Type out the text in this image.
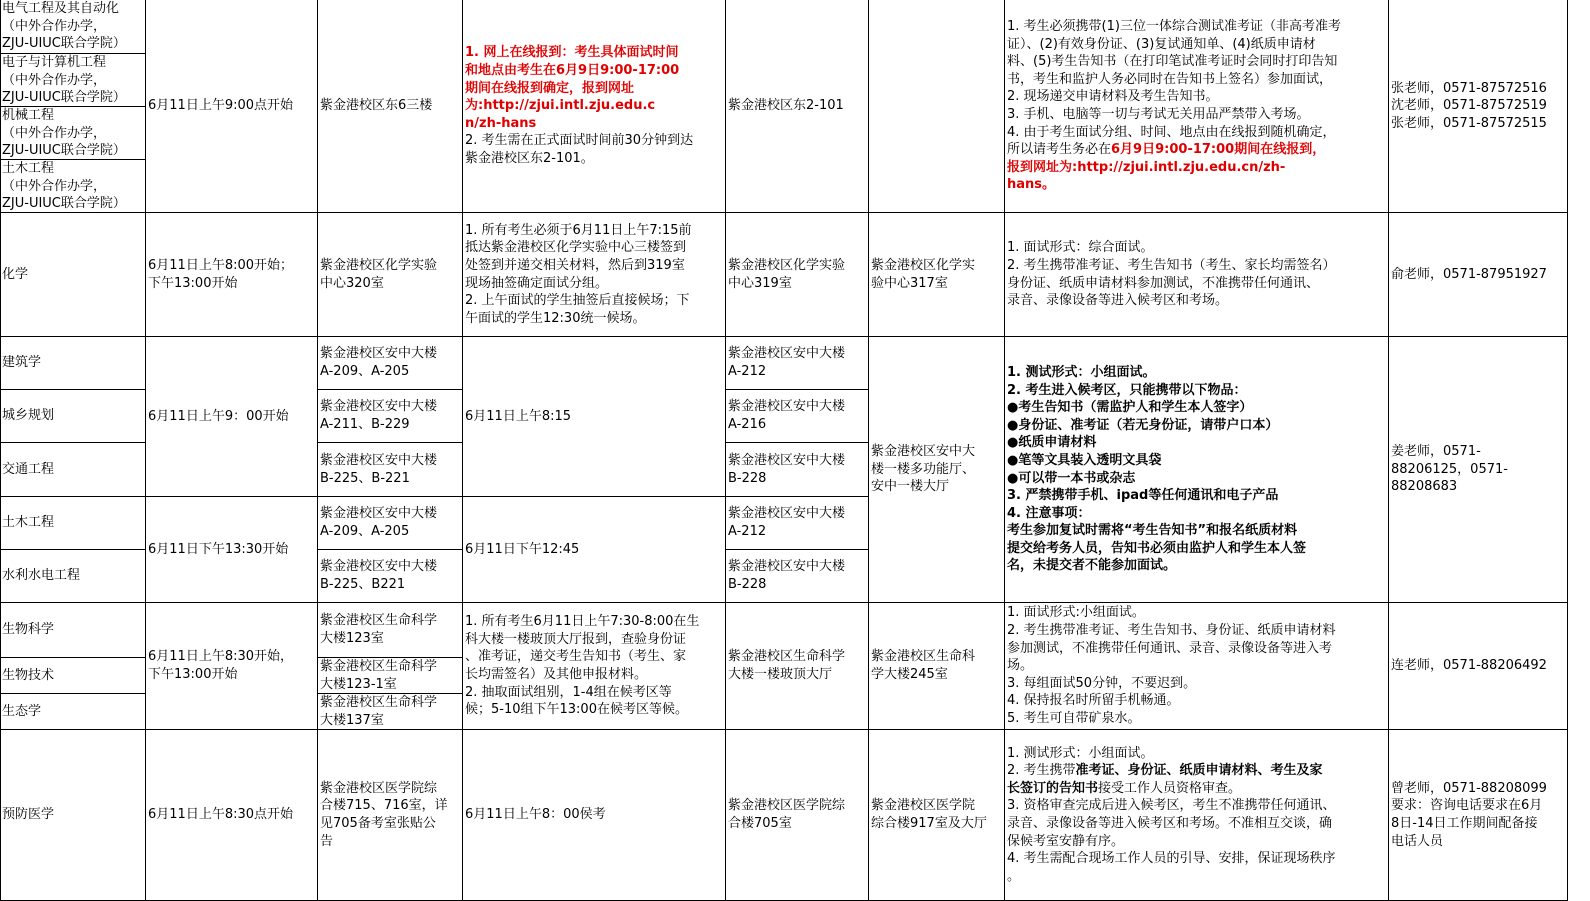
电气工程及其自动化
（中外合作办学，
ZJU-UIUC联合学院）
电子与计算机工程
（中外合作办学，
ZJU-UIUC联合学院）
机械工程
（中外合作办学，
ZJU-UIUC联合学院）
土木工程
（中外合作办学，
ZJU-UIUC联合学院）
6月11日上午9:00点开始	紫金港校区东6三楼
1. 网上在线报到：考生具体面试时间
和地点由考生在6月9日9:00-17:00
期间在线报到确定，报到网址
为:http://zjui.intl.zju.edu.c
n/zh-hans
2. 考生需在正式面试时间前30分钟到达
紫金港校区东2-101。
紫金港校区东2-101
1. 考生必须携带(1)三位一体综合测试准考证（非高考准考
证）、(2)有效身份证、(3)复试通知单、(4)纸质申请材
料、(5)考生告知书（在打印笔试准考证时会同时打印告知
书，考生和监护人务必同时在告知书上签名）参加面试，
2. 现场递交申请材料及考生告知书。
3. 手机、电脑等一切与考试无关用品严禁带入考场。
4. 由于考生面试分组、时间、地点由在线报到随机确定，
所以请考生务必在6月9日9:00-17:00期间在线报到，
报到网址为:http://zjui.intl.zju.edu.cn/zh-
hans。
张老师，0571-87572516
沈老师，0571-87572519
张老师，0571-87572515
化学
6月11日上午8:00开始；
下午13:00开始
紫金港校区化学实验
中心320室
1. 所有考生必须于6月11日上午7:15前
抵达紫金港校区化学实验中心三楼签到
处签到并递交相关材料，然后到319室
现场抽签确定面试分组。
2. 上午面试的学生抽签后直接候场；下
午面试的学生12:30统一候场。
紫金港校区化学实验
中心319室
紫金港校区化学实
验中心317室
1. 面试形式：综合面试。
2. 考生携带准考证、考生告知书（考生、家长均需签名）
身份证、纸质申请材料参加测试，不准携带任何通讯、
录音、录像设备等进入候考区和考场。
俞老师，0571-87951927
建筑学
城乡规划
交通工程
土木工程
水利水电工程
6月11日上午9：00开始
6月11日下午13:30开始
紫金港校区安中大楼
A-209、A-205
紫金港校区安中大楼
A-211、B-229
紫金港校区安中大楼
B-225、B-221
紫金港校区安中大楼
A-209、A-205
紫金港校区安中大楼
B-225、B221
6月11日上午8:15
6月11日下午12:45
紫金港校区安中大楼
A-212
紫金港校区安中大楼
A-216
紫金港校区安中大楼
B-228
紫金港校区安中大楼
A-212
紫金港校区安中大楼
B-228
紫金港校区安中大
楼一楼多功能厅、
安中一楼大厅
1. 测试形式：小组面试。
2. 考生进入候考区，只能携带以下物品：
●考生告知书（需监护人和学生本人签字）
●身份证、准考证（若无身份证，请带户口本）
●纸质申请材料
●笔等文具装入透明文具袋
●可以带一本书或杂志
3. 严禁携带手机、ipad等任何通讯和电子产品
4. 注意事项：
考生参加复试时需将“考生告知书”和报名纸质材料
提交给考务人员，告知书必须由监护人和学生本人签
名，未提交者不能参加面试。
姜老师，0571-
88206125，0571-
88208683
生物科学
生物技术
生态学
6月11日上午8:30开始，
下午13:00开始
紫金港校区生命科学
大楼123室
紫金港校区生命科学
大楼123-1室
紫金港校区生命科学
大楼137室
1. 所有考生6月11日上午7:30-8:00在生
科大楼一楼玻顶大厅报到，查验身份证
、准考证，递交考生告知书（考生、家
长均需签名）及其他申报材料。
2. 抽取面试组别，1-4组在候考区等
候；5-10组下午13:00在候考区等候。
紫金港校区生命科学
大楼一楼玻顶大厅
紫金港校区生命科
学大楼245室
1. 面试形式:小组面试。
2. 考生携带准考证、考生告知书、身份证、纸质申请材料
参加测试，不准携带任何通讯、录音、录像设备等进入考
场。
3. 每组面试50分钟，不要迟到。
4. 保持报名时所留手机畅通。
5. 考生可自带矿泉水。
连老师，0571-88206492
预防医学	6月11日上午8:30点开始
紫金港校区医学院综
合楼715、716室，详
见705备考室张贴公
告
6月11日上午8：00侯考
紫金港校区医学院综
合楼705室
紫金港校区医学院
综合楼917室及大厅
1. 测试形式：小组面试。
2. 考生携带准考证、身份证、纸质申请材料、考生及家
长签订的告知书接受工作人员资格审查。
3. 资格审查完成后进入候考区，考生不准携带任何通讯、
录音、录像设备等进入候考区和考场。不准相互交谈，确
保候考室安静有序。
4. 考生需配合现场工作人员的引导、安排，保证现场秩序
。
曾老师，0571-88208099
要求：咨询电话要求在6月
8日-14日工作期间配备接
电话人员
